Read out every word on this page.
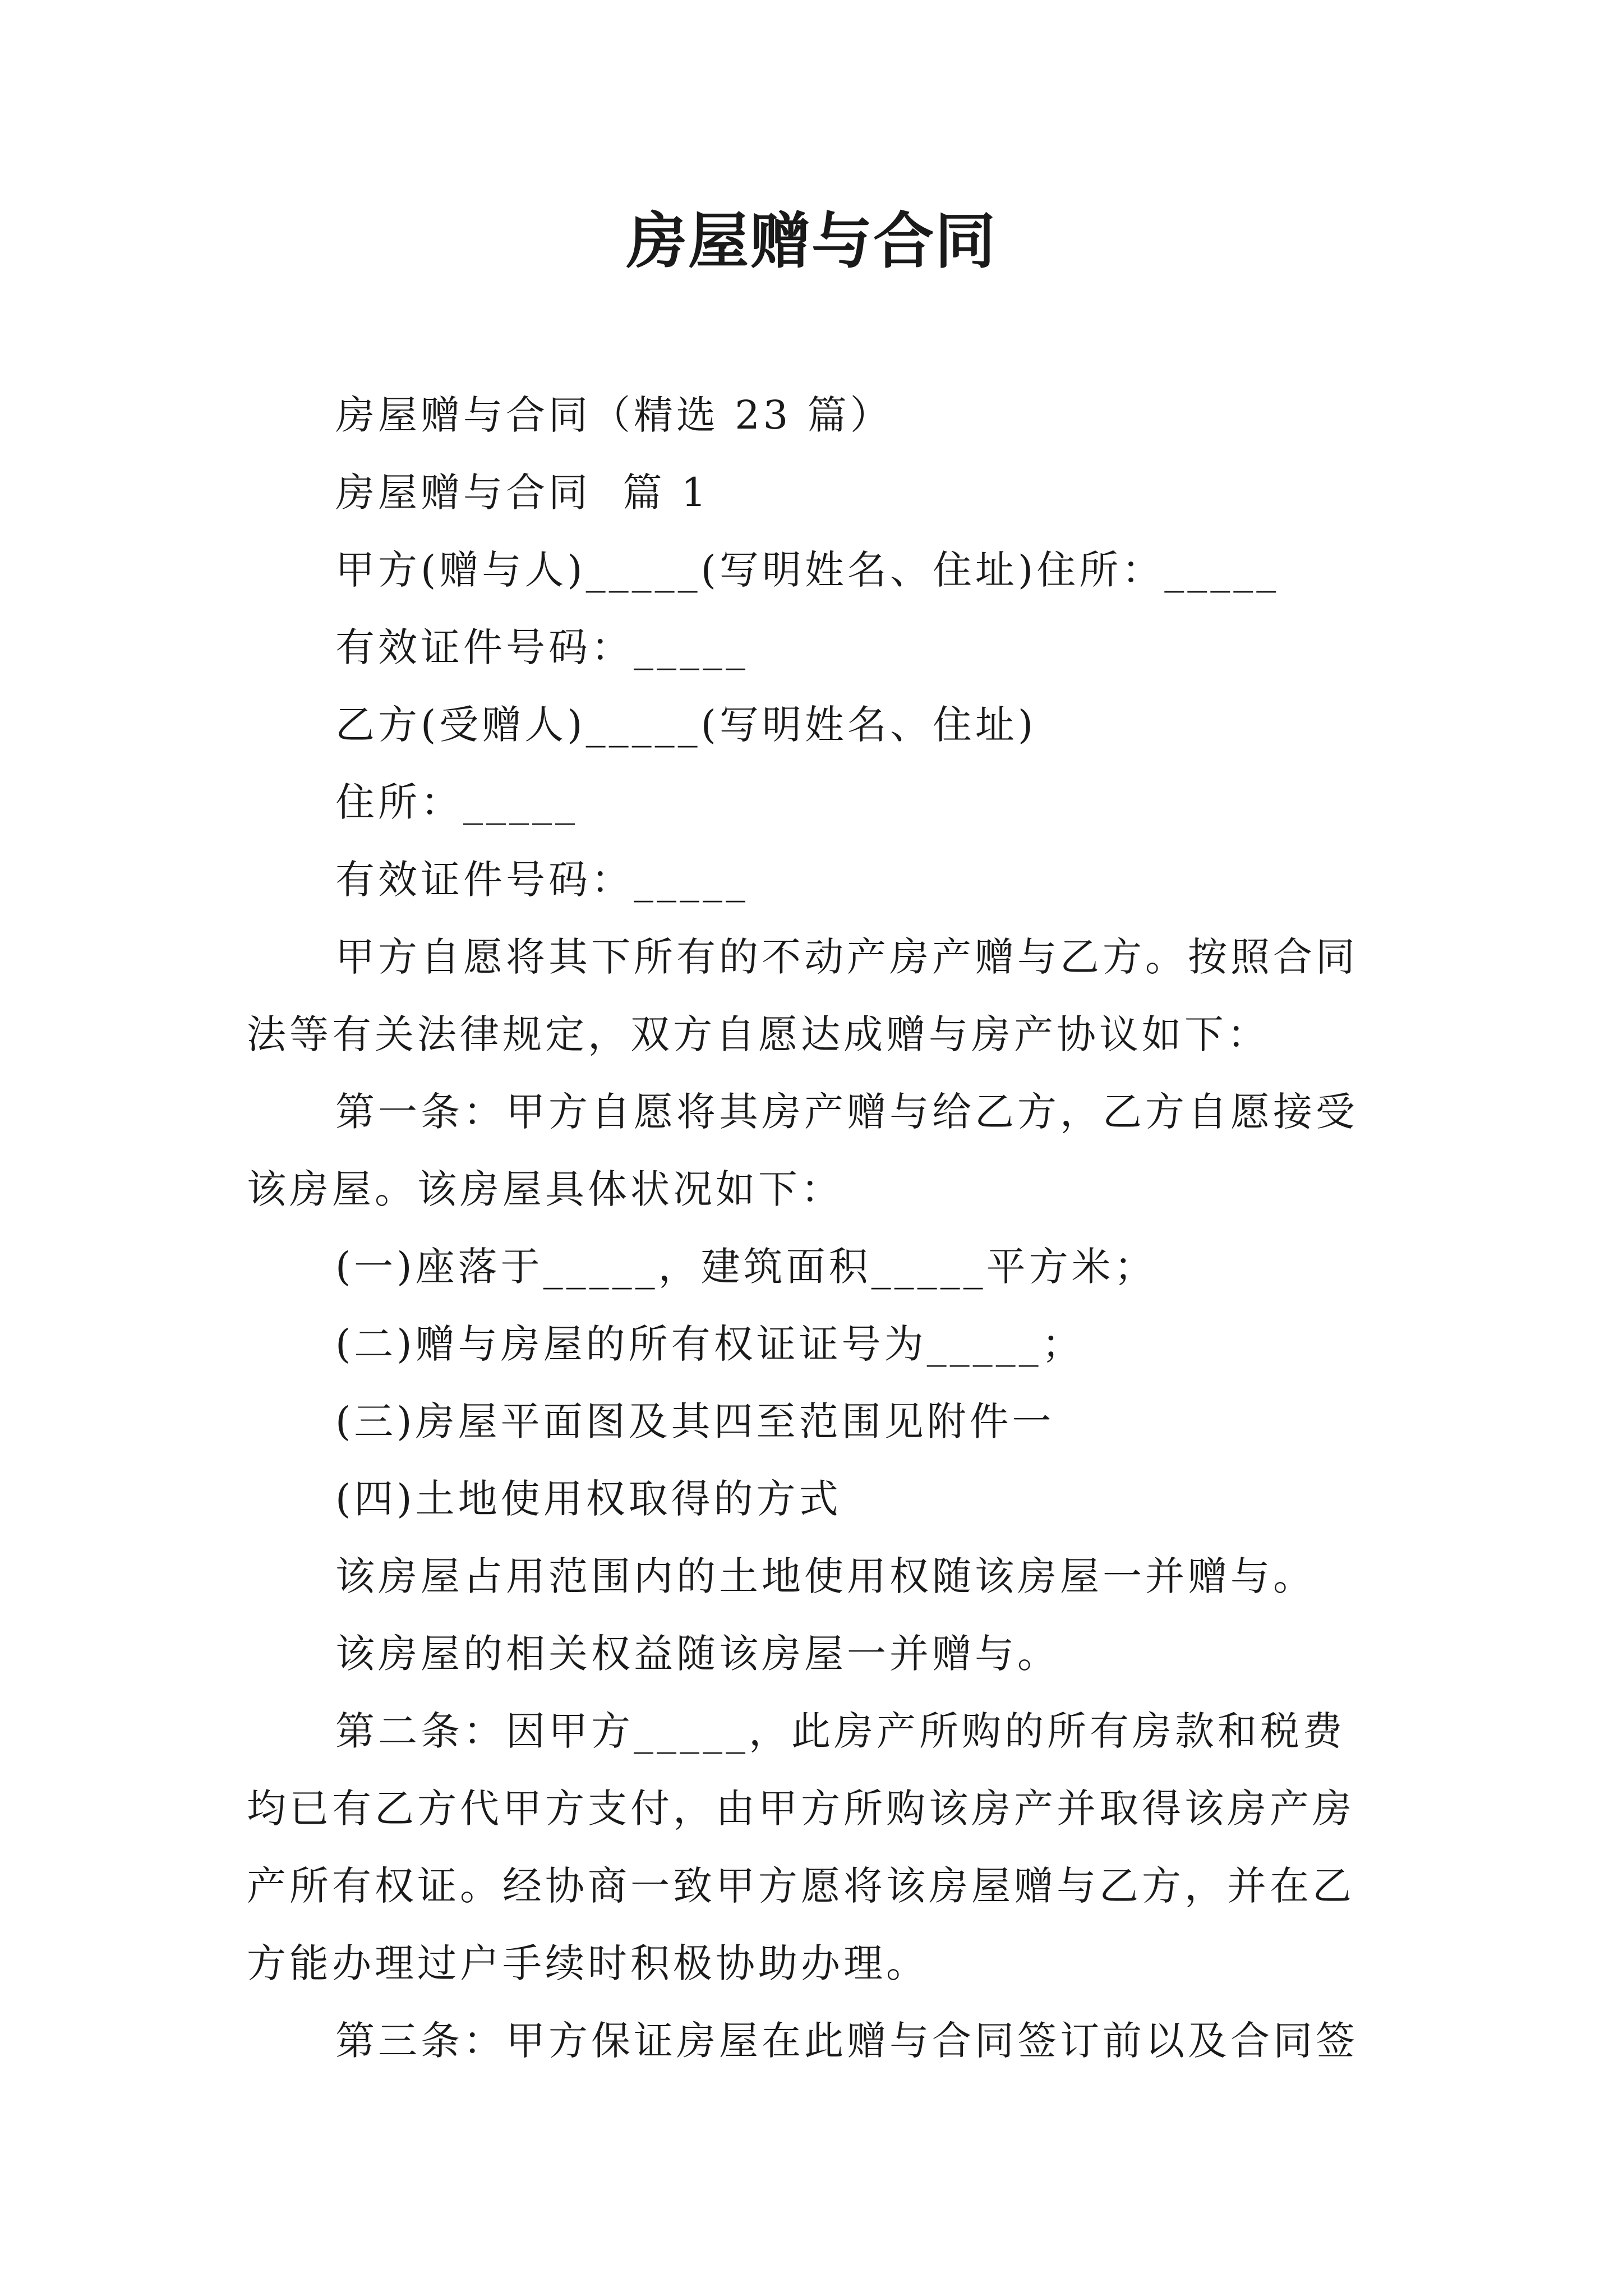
房屋赠与合同
房屋赠与合同（精选 23 篇）
房屋赠与合同  篇 1
甲方(赠与人)_____(写明姓名、住址)住所：_____
有效证件号码：_____
乙方(受赠人)_____(写明姓名、住址)
住所：_____
有效证件号码：_____
甲方自愿将其下所有的不动产房产赠与乙方。按照合同
法等有关法律规定，双方自愿达成赠与房产协议如下：
第一条：甲方自愿将其房产赠与给乙方，乙方自愿接受
该房屋。该房屋具体状况如下：
(一)座落于_____，建筑面积_____平方米；
(二)赠与房屋的所有权证证号为_____；
(三)房屋平面图及其四至范围见附件一
(四)土地使用权取得的方式
该房屋占用范围内的土地使用权随该房屋一并赠与。
该房屋的相关权益随该房屋一并赠与。
第二条：因甲方_____，此房产所购的所有房款和税费
均已有乙方代甲方支付，由甲方所购该房产并取得该房产房
产所有权证。经协商一致甲方愿将该房屋赠与乙方，并在乙
方能办理过户手续时积极协助办理。
第三条：甲方保证房屋在此赠与合同签订前以及合同签
